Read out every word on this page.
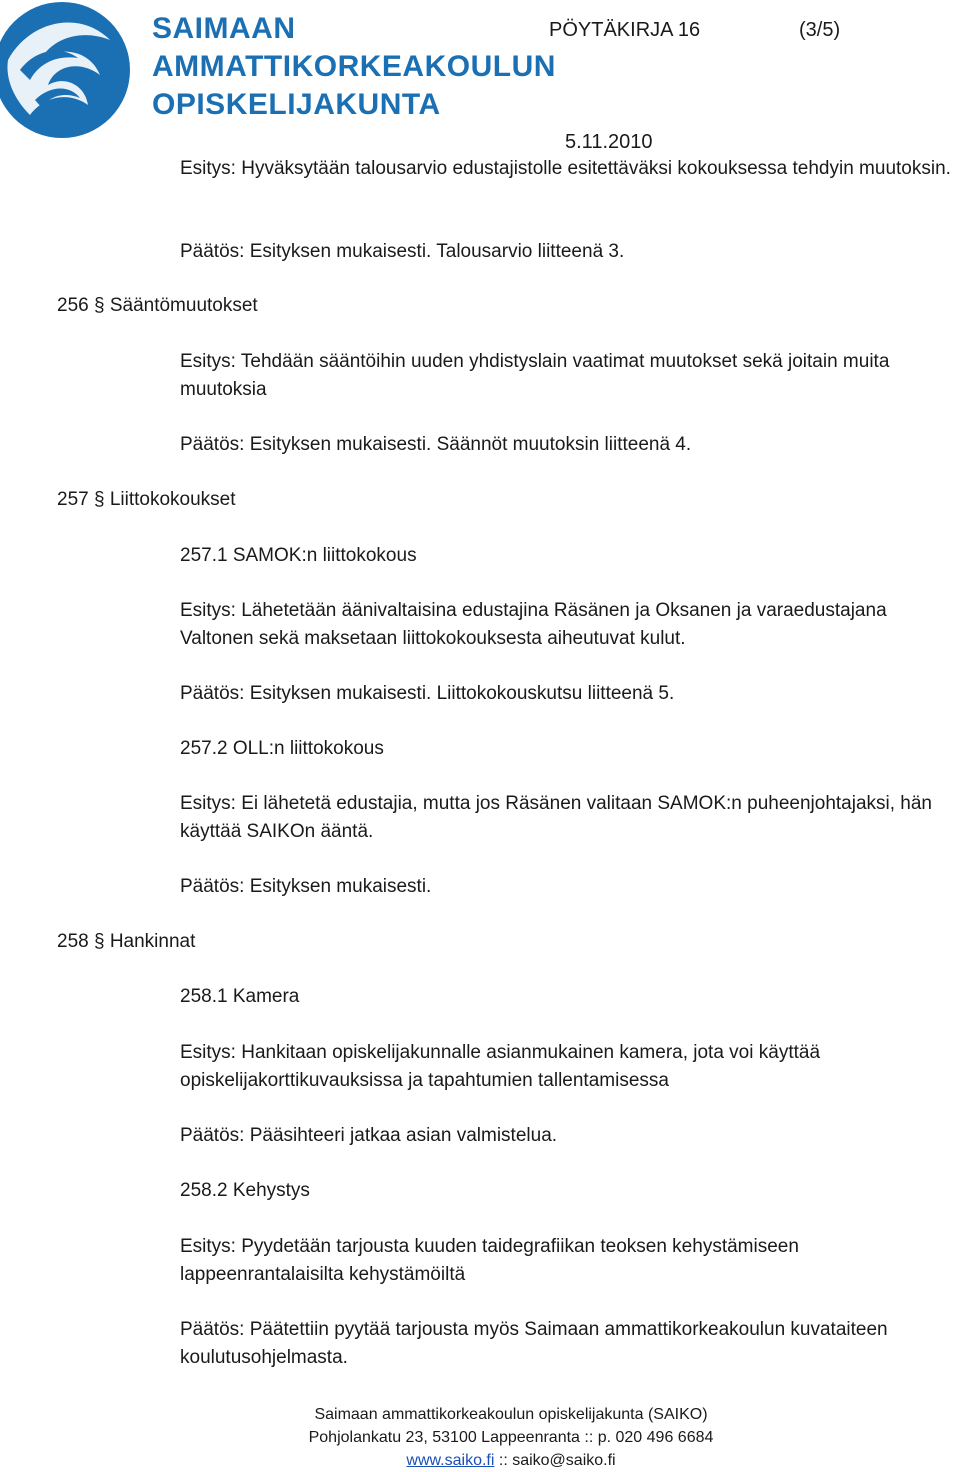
SAIMAAN
AMMATTIKORKEAKOULUN
OPISKELIJAKUNTA
PÖYTÄKIRJA 16	(3/5)
5.11.2010
Esitys: Hyväksytään talousarvio edustajistolle esitettäväksi kokouksessa tehdyin muutoksin.
Päätös: Esityksen mukaisesti. Talousarvio liitteenä 3.
256 § Sääntömuutokset
Esitys: Tehdään sääntöihin uuden yhdistyslain vaatimat muutokset sekä joitain muita muutoksia
Päätös: Esityksen mukaisesti. Säännöt muutoksin liitteenä 4.
257 § Liittokokoukset
257.1 SAMOK:n liittokokous
Esitys: Lähetetään äänivaltaisina edustajina Räsänen ja Oksanen ja varaedustajana Valtonen sekä maksetaan liittokokouksesta aiheutuvat kulut.
Päätös: Esityksen mukaisesti. Liittokokouskutsu liitteenä 5.
257.2 OLL:n liittokokous
Esitys: Ei lähetetä edustajia, mutta jos Räsänen valitaan SAMOK:n puheenjohtajaksi, hän käyttää SAIKOn ääntä.
Päätös: Esityksen mukaisesti.
258 § Hankinnat
258.1 Kamera
Esitys: Hankitaan opiskelijakunnalle asianmukainen kamera, jota voi käyttää opiskelijakorttikuvauksissa ja tapahtumien tallentamisessa
Päätös: Pääsihteeri jatkaa asian valmistelua.
258.2 Kehystys
Esitys: Pyydetään tarjousta kuuden taidegrafiikan teoksen kehystämiseen lappeenrantalaisilta kehystämöiltä
Päätös: Päätettiin pyytää tarjousta myös Saimaan ammattikorkeakoulun kuvataiteen koulutusohjelmasta.
Saimaan ammattikorkeakoulun opiskelijakunta (SAIKO)
Pohjolankatu 23, 53100 Lappeenranta :: p. 020 496 6684
www.saiko.fi :: saiko@saiko.fi
